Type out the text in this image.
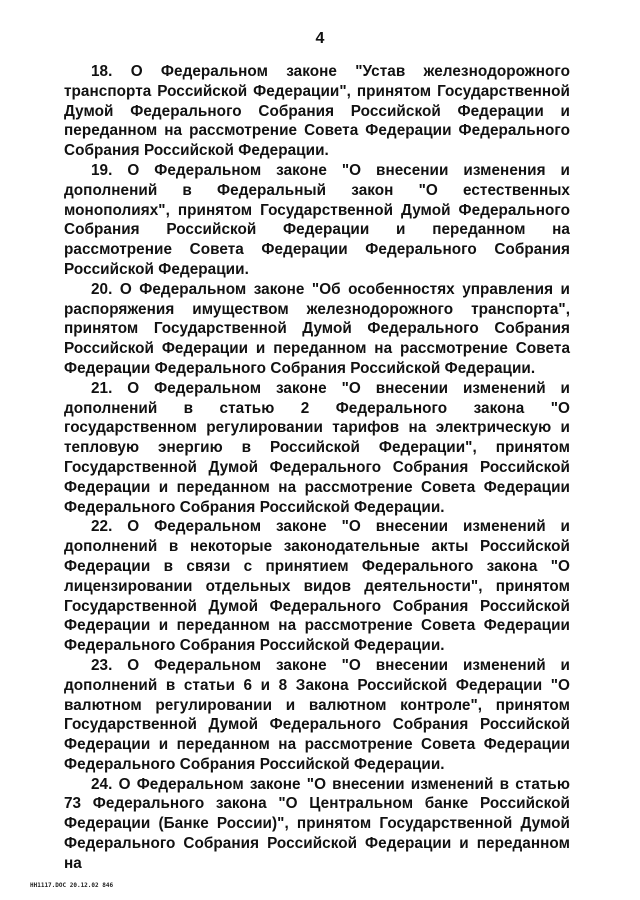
4

18. О Федеральном законе "Устав железнодорожного транспорта Российской Федерации", принятом Государственной Думой Федерального Собрания Российской Федерации и переданном на рассмотрение Совета Федерации Федерального Собрания Российской Федерации.

19. О Федеральном законе "О внесении изменения и дополнений в Федеральный закон "О естественных монополиях", принятом Государственной Думой Федерального Собрания Российской Федерации и переданном на рассмотрение Совета Федерации Федерального Собрания Российской Федерации.

20. О Федеральном законе "Об особенностях управления и распоряжения имуществом железнодорожного транспорта", принятом Государственной Думой Федерального Собрания Российской Федерации и переданном на рассмотрение Совета Федерации Федерального Собрания Российской Федерации.

21. О Федеральном законе "О внесении изменений и дополнений в статью 2 Федерального закона "О государственном регулировании тарифов на электрическую и тепловую энергию в Российской Федерации", принятом Государственной Думой Федерального Собрания Российской Федерации и переданном на рассмотрение Совета Федерации Федерального Собрания Российской Федерации.

22. О Федеральном законе "О внесении изменений и дополнений в некоторые законодательные акты Российской Федерации в связи с принятием Федерального закона "О лицензировании отдельных видов деятельности", принятом Государственной Думой Федерального Собрания Российской Федерации и переданном на рассмотрение Совета Федерации Федерального Собрания Российской Федерации.

23. О Федеральном законе "О внесении изменений и дополнений в статьи 6 и 8 Закона Российской Федерации "О валютном регулировании и валютном контроле", принятом Государственной Думой Федерального Собрания Российской Федерации и переданном на рассмотрение Совета Федерации Федерального Собрания Российской Федерации.

24. О Федеральном законе "О внесении изменений в статью 73 Федерального закона "О Центральном банке Российской Федерации (Банке России)", принятом Государственной Думой Федерального Собрания Российской Федерации и переданном на

НН1117.DOC 20.12.02 846
